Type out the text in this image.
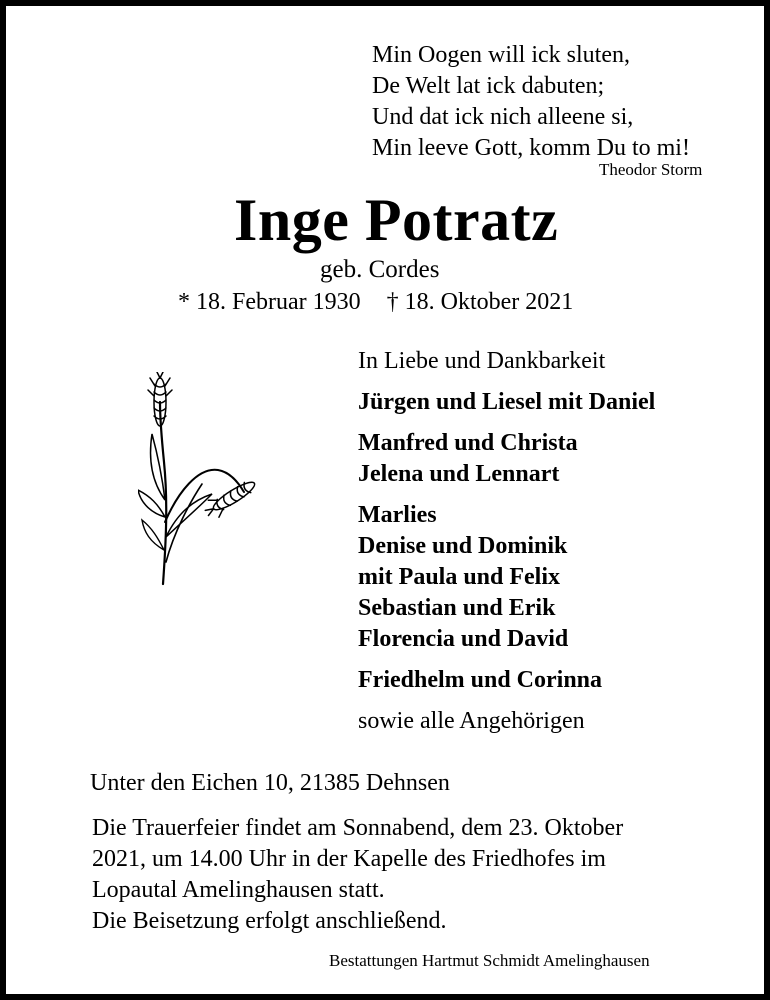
Min Oogen will ick sluten,
De Welt lat ick dabuten;
Und dat ick nich alleene si,
Min leeve Gott, komm Du to mi!
Theodor Storm
Inge Potratz
geb. Cordes
* 18. Februar 1930 † 18. Oktober 2021
In Liebe und Dankbarkeit
Jürgen und Liesel mit Daniel
Manfred und Christa
Jelena und Lennart
Marlies
Denise und Dominik
mit Paula und Felix
Sebastian und Erik
Florencia und David
Friedhelm und Corinna
sowie alle Angehörigen
Unter den Eichen 10, 21385 Dehnsen
Die Trauerfeier findet am Sonnabend, dem 23. Oktober
2021, um 14.00 Uhr in der Kapelle des Friedhofes im
Lopautal Amelinghausen statt.
Die Beisetzung erfolgt anschließend.
Bestattungen Hartmut Schmidt Amelinghausen
